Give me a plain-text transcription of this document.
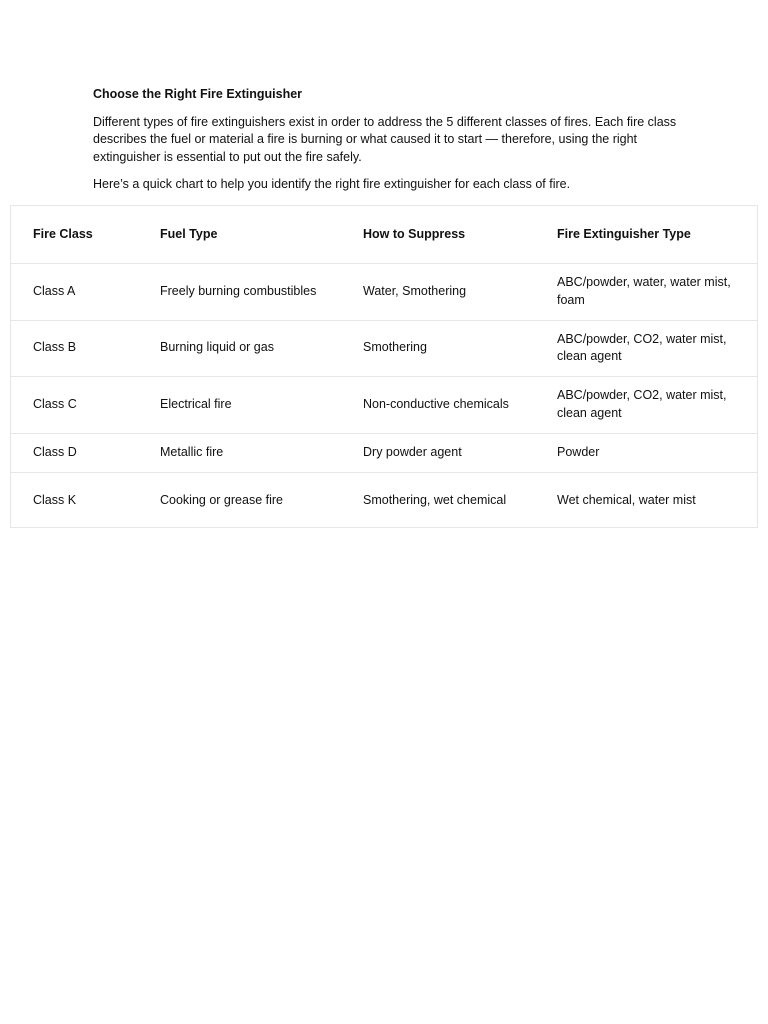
Choose the Right Fire Extinguisher

Different types of fire extinguishers exist in order to address the 5 different classes of fires. Each fire class describes the fuel or material a fire is burning or what caused it to start — therefore, using the right extinguisher is essential to put out the fire safely.

Here’s a quick chart to help you identify the right fire extinguisher for each class of fire.

Fire Class	Fuel Type	How to Suppress	Fire Extinguisher Type
Class A	Freely burning combustibles	Water, Smothering	ABC/powder, water, water mist, foam
Class B	Burning liquid or gas	Smothering	ABC/powder, CO2, water mist, clean agent
Class C	Electrical fire	Non-conductive chemicals	ABC/powder, CO2, water mist, clean agent
Class D	Metallic fire	Dry powder agent	Powder
Class K	Cooking or grease fire	Smothering, wet chemical	Wet chemical, water mist
